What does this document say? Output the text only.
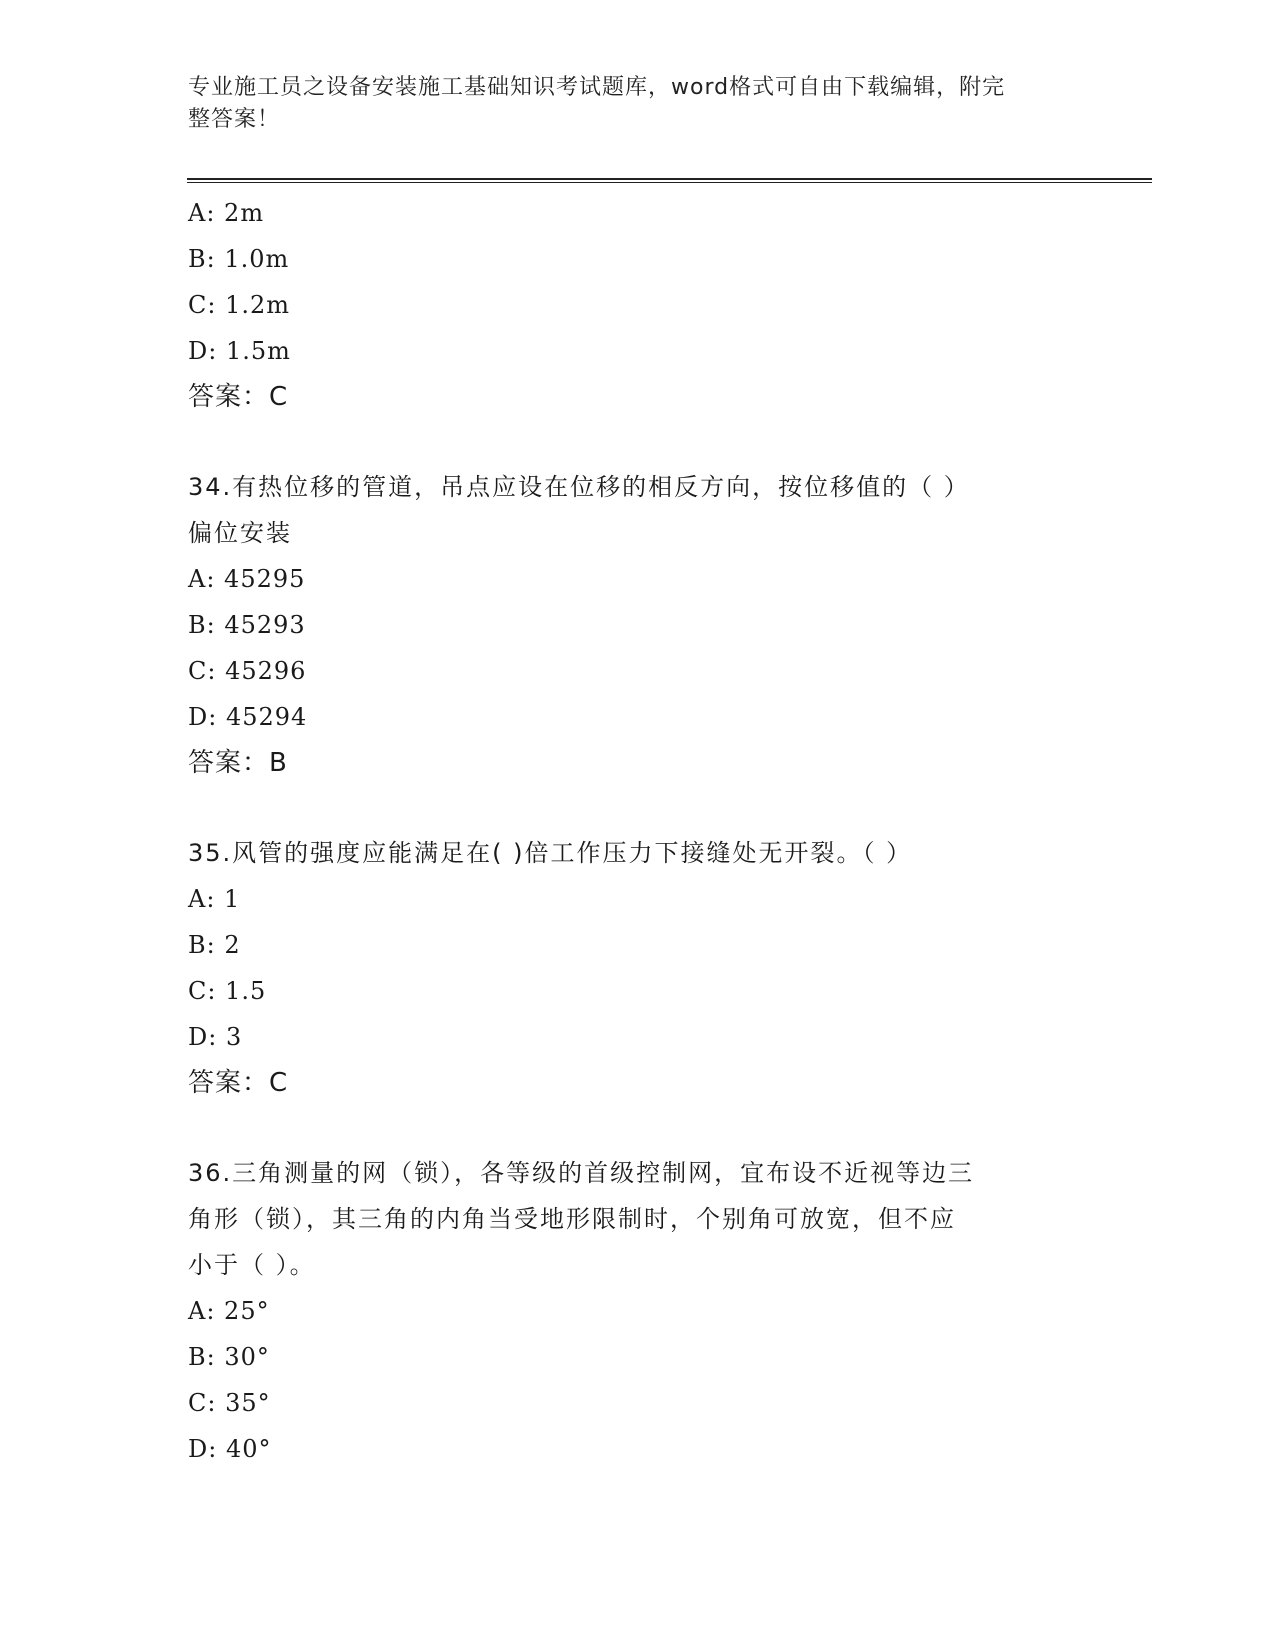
专业施工员之设备安装施工基础知识考试题库，word格式可自由下载编辑，附完
整答案！
A: 2m
B: 1.0m
C: 1.2m
D: 1.5m
答案：C
34.有热位移的管道，吊点应设在位移的相反方向，按位移值的（ ）
偏位安装
A: 45295
B: 45293
C: 45296
D: 45294
答案：B
35.风管的强度应能满足在( )倍工作压力下接缝处无开裂。（ ）
A: 1
B: 2
C: 1.5
D: 3
答案：C
36.三角测量的网（锁），各等级的首级控制网，宜布设不近视等边三
角形（锁），其三角的内角当受地形限制时，个别角可放宽，但不应
小于（ ）。
A: 25°
B: 30°
C: 35°
D: 40°
